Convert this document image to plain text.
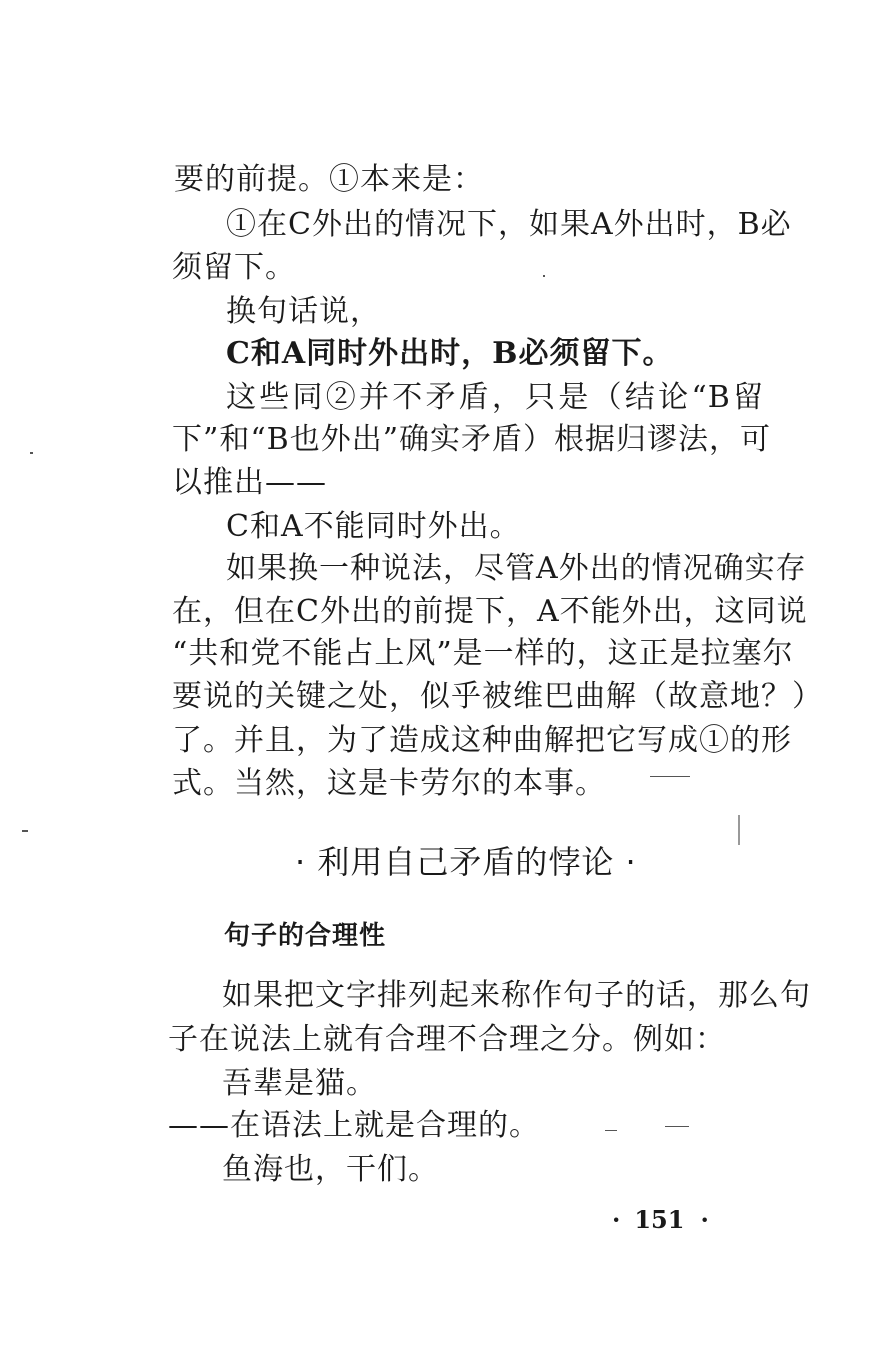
要的前提。①本来是：
①在C外出的情况下，如果A外出时，B必
须留下。
换句话说，
C和A同时外出时，B必须留下。
这些同②并不矛盾，只是（结论“B留
下”和“B也外出”确实矛盾）根据归谬法，可
以推出——
C和A不能同时外出。
如果换一种说法，尽管A外出的情况确实存
在，但在C外出的前提下，A不能外出，这同说
“共和党不能占上风”是一样的，这正是拉塞尔
要说的关键之处，似乎被维巴曲解（故意地？）
了。并且，为了造成这种曲解把它写成①的形
式。当然，这是卡劳尔的本事。
· 利用自己矛盾的悖论 ·
句子的合理性
如果把文字排列起来称作句子的话，那么句
子在说法上就有合理不合理之分。例如：
吾辈是猫。
——在语法上就是合理的。
鱼海也，干们。
· 151 ·
